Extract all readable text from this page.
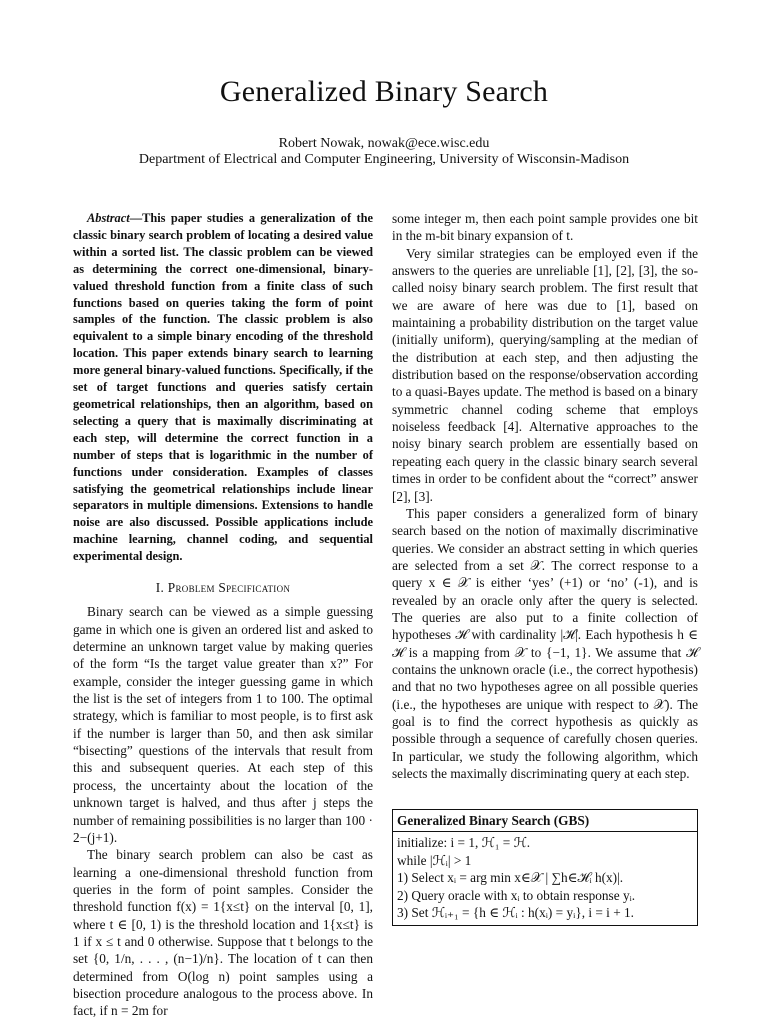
Generalized Binary Search
Robert Nowak, nowak@ece.wisc.edu
Department of Electrical and Computer Engineering, University of Wisconsin-Madison

Abstract—This paper studies a generalization of the classic binary search problem of locating a desired value within a sorted list. The classic problem can be viewed as determining the correct one-dimensional, binary-valued threshold function from a finite class of such functions based on queries taking the form of point samples of the function. The classic problem is also equivalent to a simple binary encoding of the threshold location. This paper extends binary search to learning more general binary-valued functions. Specifically, if the set of target functions and queries satisfy certain geometrical relationships, then an algorithm, based on selecting a query that is maximally discriminating at each step, will determine the correct function in a number of steps that is logarithmic in the number of functions under consideration. Examples of classes satisfying the geometrical relationships include linear separators in multiple dimensions. Extensions to handle noise are also discussed. Possible applications include machine learning, channel coding, and sequential experimental design.

I. Problem Specification

Binary search can be viewed as a simple guessing game in which one is given an ordered list and asked to determine an unknown target value by making queries of the form “Is the target value greater than x?” For example, consider the integer guessing game in which the list is the set of integers from 1 to 100. The optimal strategy, which is familiar to most people, is to first ask if the number is larger than 50, and then ask similar “bisecting” questions of the intervals that result from this and subsequent queries. At each step of this process, the uncertainty about the location of the unknown target is halved, and thus after j steps the number of remaining possibilities is no larger than 100 · 2−(j+1).

The binary search problem can also be cast as learning a one-dimensional threshold function from queries in the form of point samples. Consider the threshold function f(x) = 1{x≤t} on the interval [0, 1], where t ∈ [0, 1) is the threshold location and 1{x≤t} is 1 if x ≤ t and 0 otherwise. Suppose that t belongs to the set {0, 1/n, . . . , (n−1)/n}. The location of t can then determined from O(log n) point samples using a bisection procedure analogous to the process above. In fact, if n = 2m for

some integer m, then each point sample provides one bit in the m-bit binary expansion of t.

Very similar strategies can be employed even if the answers to the queries are unreliable [1], [2], [3], the so-called noisy binary search problem. The first result that we are aware of here was due to [1], based on maintaining a probability distribution on the target value (initially uniform), querying/sampling at the median of the distribution at each step, and then adjusting the distribution based on the response/observation according to a quasi-Bayes update. The method is based on a binary symmetric channel coding scheme that employs noiseless feedback [4]. Alternative approaches to the noisy binary search problem are essentially based on repeating each query in the classic binary search several times in order to be confident about the “correct” answer [2], [3].

This paper considers a generalized form of binary search based on the notion of maximally discriminative queries. We consider an abstract setting in which queries are selected from a set 𝒳. The correct response to a query x ∈ 𝒳 is either ‘yes’ (+1) or ‘no’ (-1), and is revealed by an oracle only after the query is selected. The queries are also put to a finite collection of hypotheses ℋ with cardinality |ℋ|. Each hypothesis h ∈ ℋ is a mapping from 𝒳 to {−1, 1}. We assume that ℋ contains the unknown oracle (i.e., the correct hypothesis) and that no two hypotheses agree on all possible queries (i.e., the hypotheses are unique with respect to 𝒳). The goal is to find the correct hypothesis as quickly as possible through a sequence of carefully chosen queries. In particular, we study the following algorithm, which selects the maximally discriminating query at each step.

Generalized Binary Search (GBS)
initialize: i = 1, ℋ₁ = ℋ.
while |ℋᵢ| > 1
1) Select xᵢ = arg min x∈𝒳 | ∑h∈ℋᵢ h(x)|.
2) Query oracle with xᵢ to obtain response yᵢ.
3) Set ℋᵢ₊₁ = {h ∈ ℋᵢ : h(xᵢ) = yᵢ}, i = i + 1.
